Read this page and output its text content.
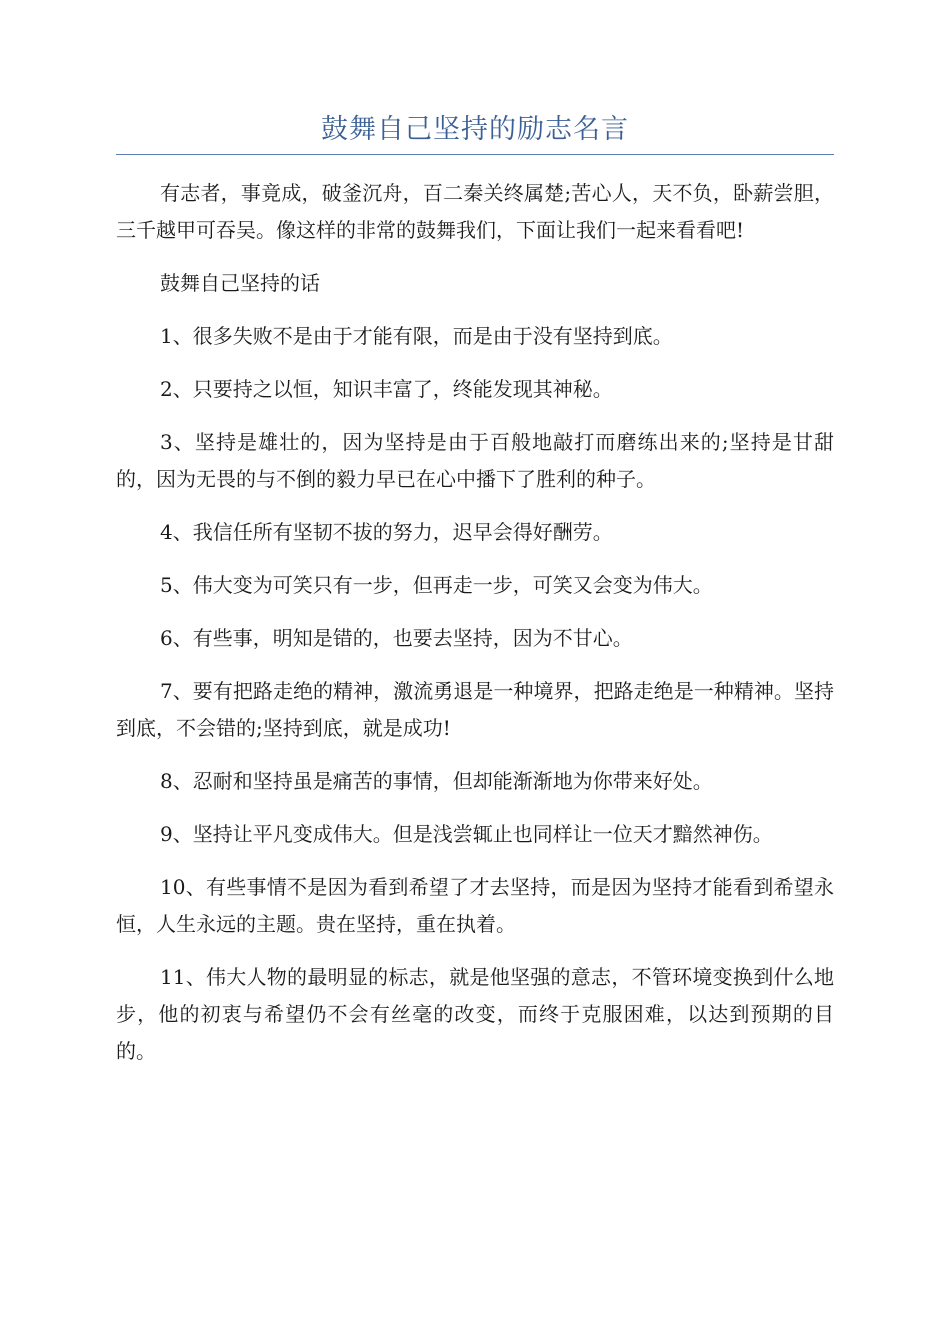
鼓舞自己坚持的励志名言

有志者，事竟成，破釜沉舟，百二秦关终属楚;苦心人，天不负，卧薪尝胆，三千越甲可吞吴。像这样的非常的鼓舞我们，下面让我们一起来看看吧!

鼓舞自己坚持的话

1、很多失败不是由于才能有限，而是由于没有坚持到底。

2、只要持之以恒，知识丰富了，终能发现其神秘。

3、坚持是雄壮的，因为坚持是由于百般地敲打而磨练出来的;坚持是甘甜的，因为无畏的与不倒的毅力早已在心中播下了胜利的种子。

4、我信任所有坚韧不拔的努力，迟早会得好酬劳。

5、伟大变为可笑只有一步，但再走一步，可笑又会变为伟大。

6、有些事，明知是错的，也要去坚持，因为不甘心。

7、要有把路走绝的精神，激流勇退是一种境界，把路走绝是一种精神。坚持到底，不会错的;坚持到底，就是成功!

8、忍耐和坚持虽是痛苦的事情，但却能渐渐地为你带来好处。

9、坚持让平凡变成伟大。但是浅尝辄止也同样让一位天才黯然神伤。

10、有些事情不是因为看到希望了才去坚持，而是因为坚持才能看到希望永恒，人生永远的主题。贵在坚持，重在执着。

11、伟大人物的最明显的标志，就是他坚强的意志，不管环境变换到什么地步，他的初衷与希望仍不会有丝毫的改变，而终于克服困难，以达到预期的目的。
